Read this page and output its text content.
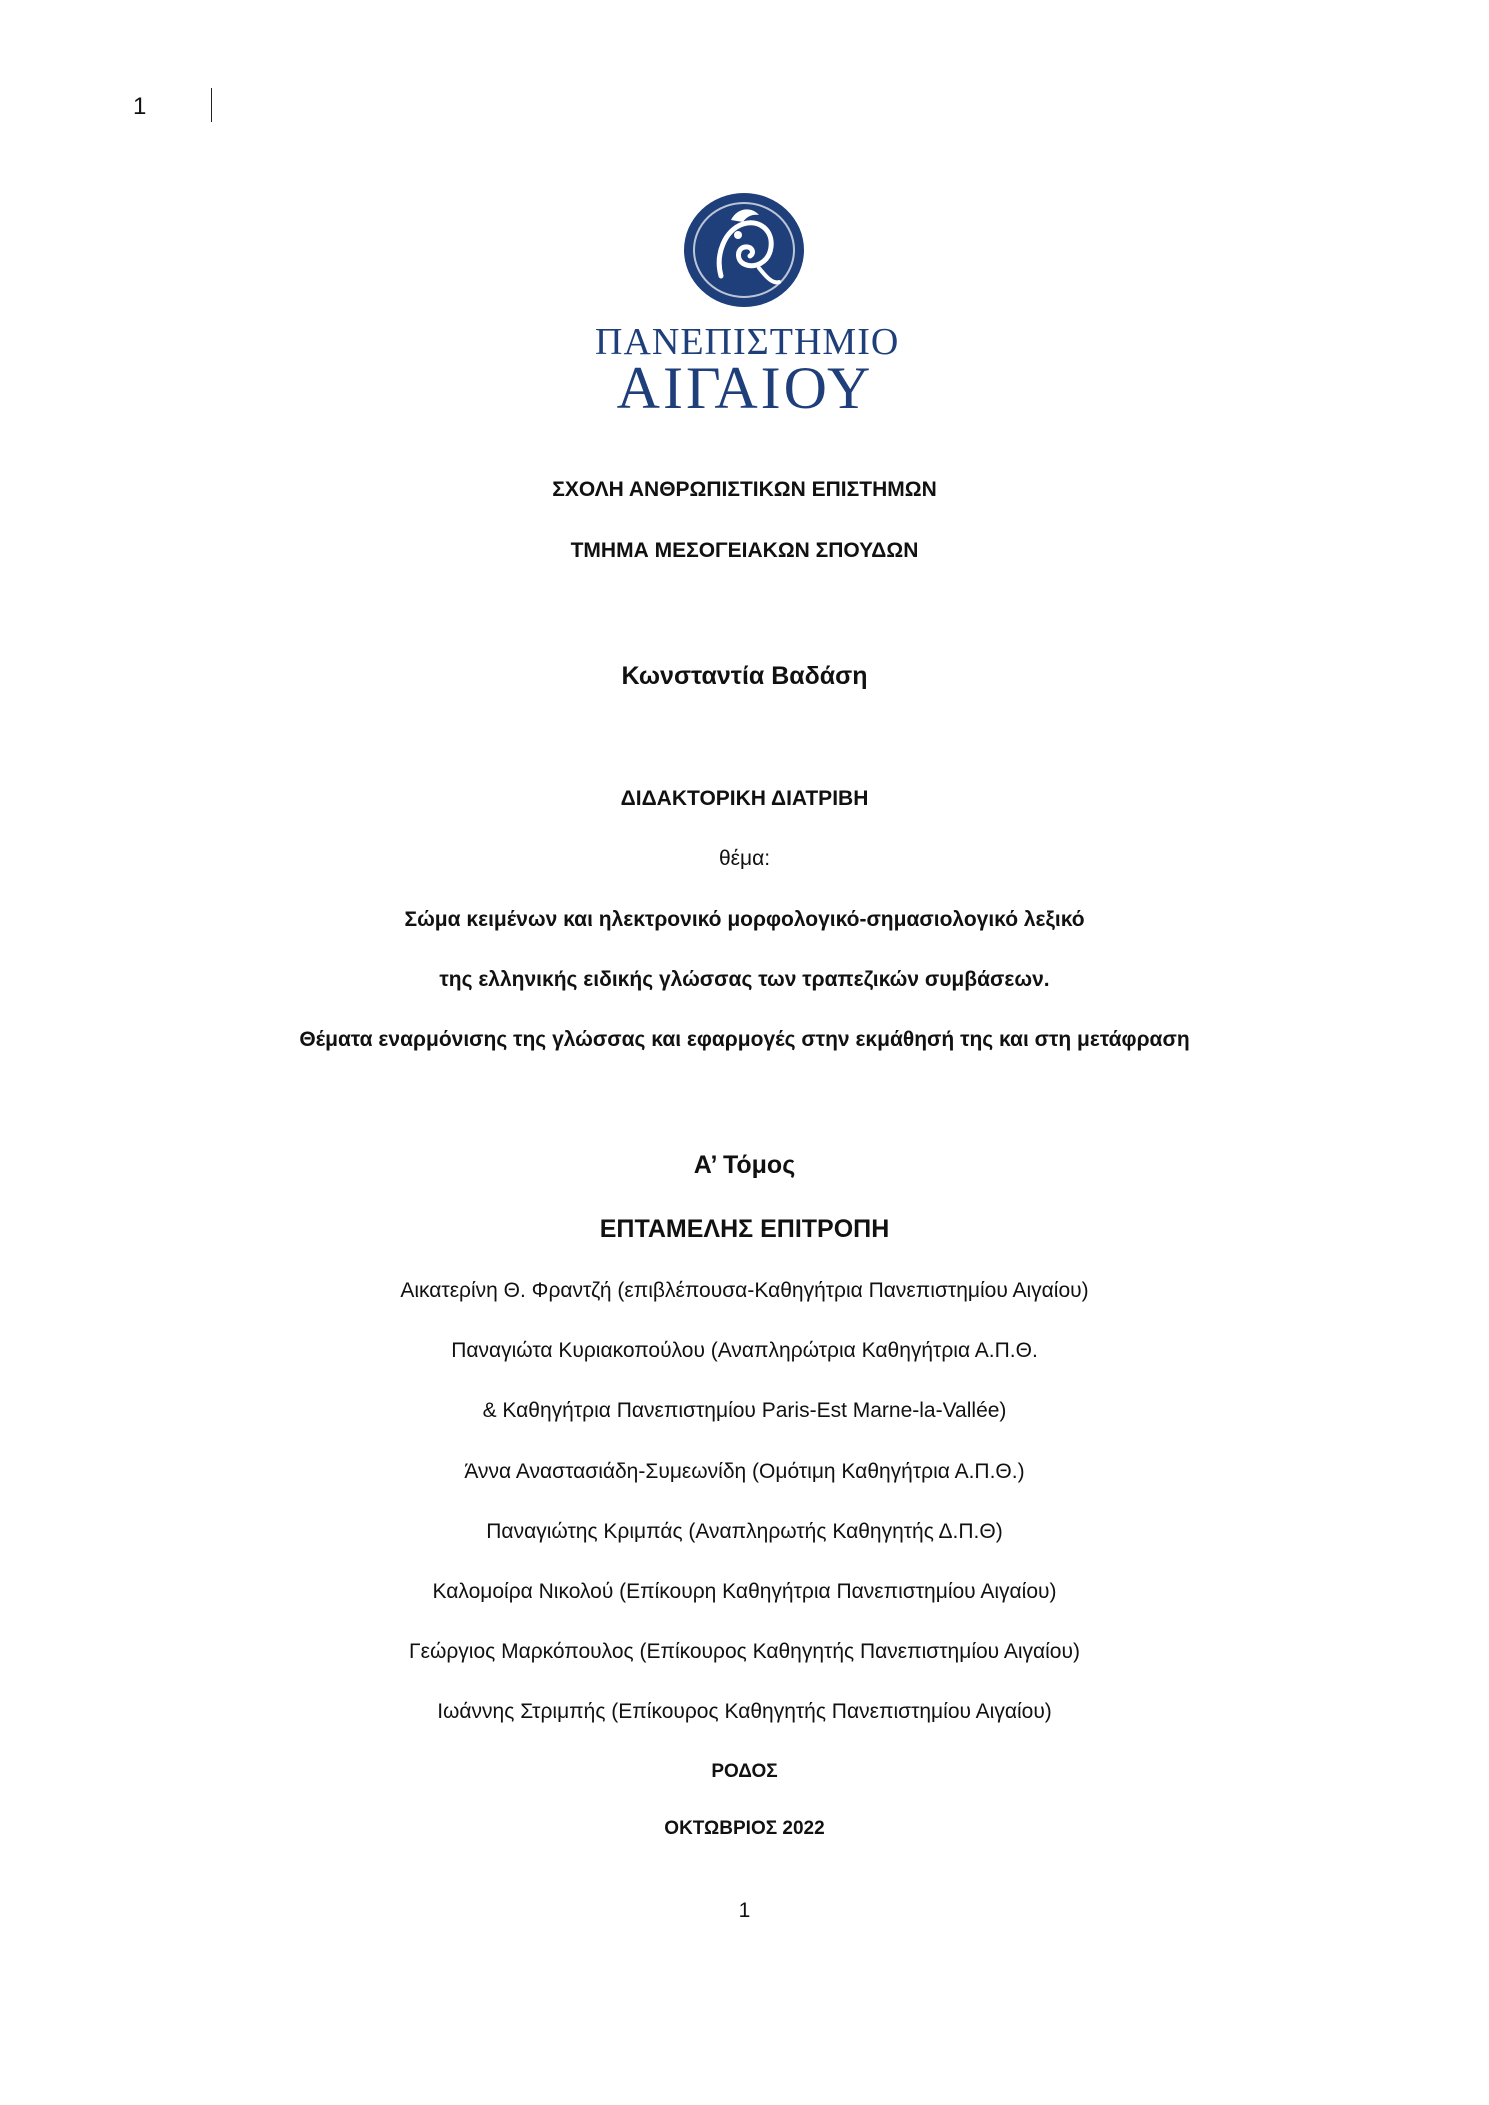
1
ΠΑΝΕΠΙΣΤΗΜΙΟ
ΑΙΓΑΙΟΥ
ΣΧΟΛΗ ΑΝΘΡΩΠΙΣΤΙΚΩΝ ΕΠΙΣΤΗΜΩΝ
ΤΜΗΜΑ ΜΕΣΟΓΕΙΑΚΩΝ ΣΠΟΥΔΩΝ
Κωνσταντία Βαδάση
ΔΙΔΑΚΤΟΡΙΚΗ ΔΙΑΤΡΙΒΗ
θέμα:
Σώμα κειμένων και ηλεκτρονικό μορφολογικό-σημασιολογικό λεξικό
της ελληνικής ειδικής γλώσσας των τραπεζικών συμβάσεων.
Θέματα εναρμόνισης της γλώσσας και εφαρμογές στην εκμάθησή της και στη μετάφραση
Α’ Τόμος
ΕΠΤΑΜΕΛΗΣ ΕΠΙΤΡΟΠΗ
Αικατερίνη Θ. Φραντζή (επιβλέπουσα-Καθηγήτρια Πανεπιστημίου Αιγαίου)
Παναγιώτα Κυριακοπούλου (Αναπληρώτρια Καθηγήτρια Α.Π.Θ.
& Καθηγήτρια Πανεπιστημίου Paris-Est Marne-la-Vallée)
Άννα Αναστασιάδη-Συμεωνίδη (Ομότιμη Καθηγήτρια Α.Π.Θ.)
Παναγιώτης Κριμπάς (Αναπληρωτής Καθηγητής Δ.Π.Θ)
Καλομοίρα Νικολού (Επίκουρη Καθηγήτρια Πανεπιστημίου Αιγαίου)
Γεώργιος Μαρκόπουλος (Επίκουρος Καθηγητής Πανεπιστημίου Αιγαίου)
Ιωάννης Στριμπής (Επίκουρος Καθηγητής Πανεπιστημίου Αιγαίου)
ΡΟΔΟΣ
ΟΚΤΩΒΡΙΟΣ 2022
1
